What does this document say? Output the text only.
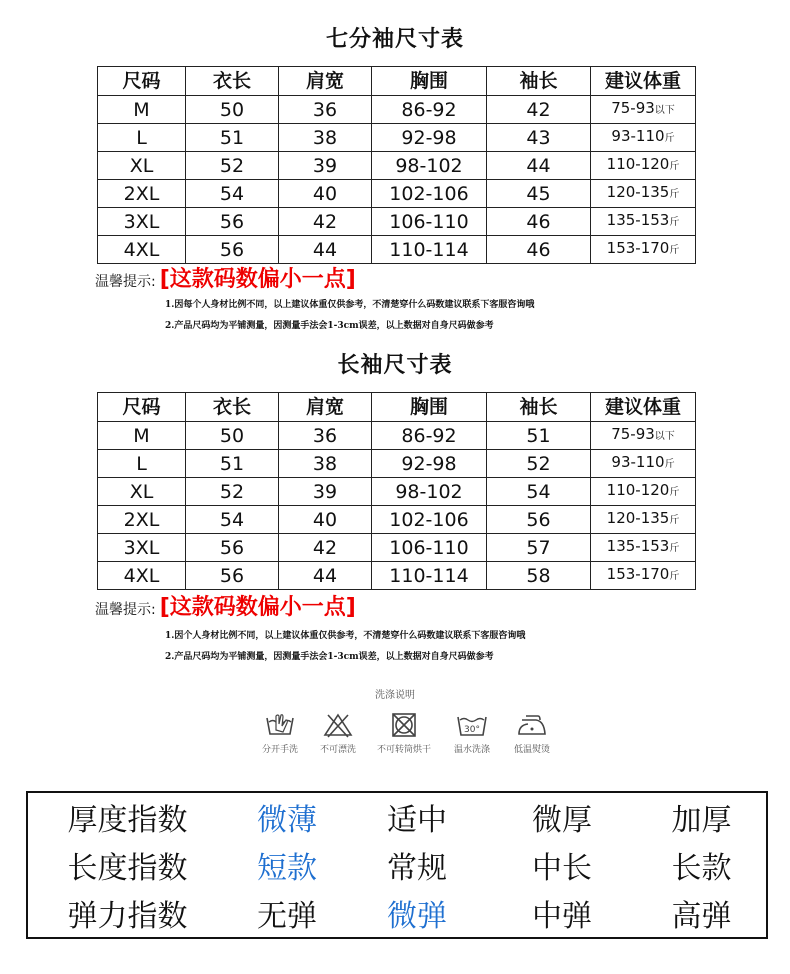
七分袖尺寸表
尺码	衣长	肩宽	胸围	袖长	建议体重
M	50	36	86-92	42	75-93以下
L	51	38	92-98	43	93-110斤
XL	52	39	98-102	44	110-120斤
2XL	54	40	102-106	45	120-135斤
3XL	56	42	106-110	46	135-153斤
4XL	56	44	110-114	46	153-170斤
温馨提示: [这款码数偏小一点]
1.因每个人身材比例不同，以上建议体重仅供参考，不清楚穿什么码数建议联系下客服咨询哦
2.产品尺码均为平铺测量，因测量手法会1-3cm误差，以上数据对自身尺码做参考
长袖尺寸表
尺码	衣长	肩宽	胸围	袖长	建议体重
M	50	36	86-92	51	75-93以下
L	51	38	92-98	52	93-110斤
XL	52	39	98-102	54	110-120斤
2XL	54	40	102-106	56	120-135斤
3XL	56	42	106-110	57	135-153斤
4XL	56	44	110-114	58	153-170斤
温馨提示: [这款码数偏小一点]
1.因个人身材比例不同，以上建议体重仅供参考，不清楚穿什么码数建议联系下客服咨询哦
2.产品尺码均为平铺测量，因测量手法会1-3cm误差，以上数据对自身尺码做参考
洗涤说明
分开手洗	不可漂洗	不可转筒烘干
30°
温水洗涤	低温熨烫
厚度指数	微薄	适中	微厚	加厚
长度指数	短款	常规	中长	长款
弹力指数	无弹	微弹	中弹	高弹
